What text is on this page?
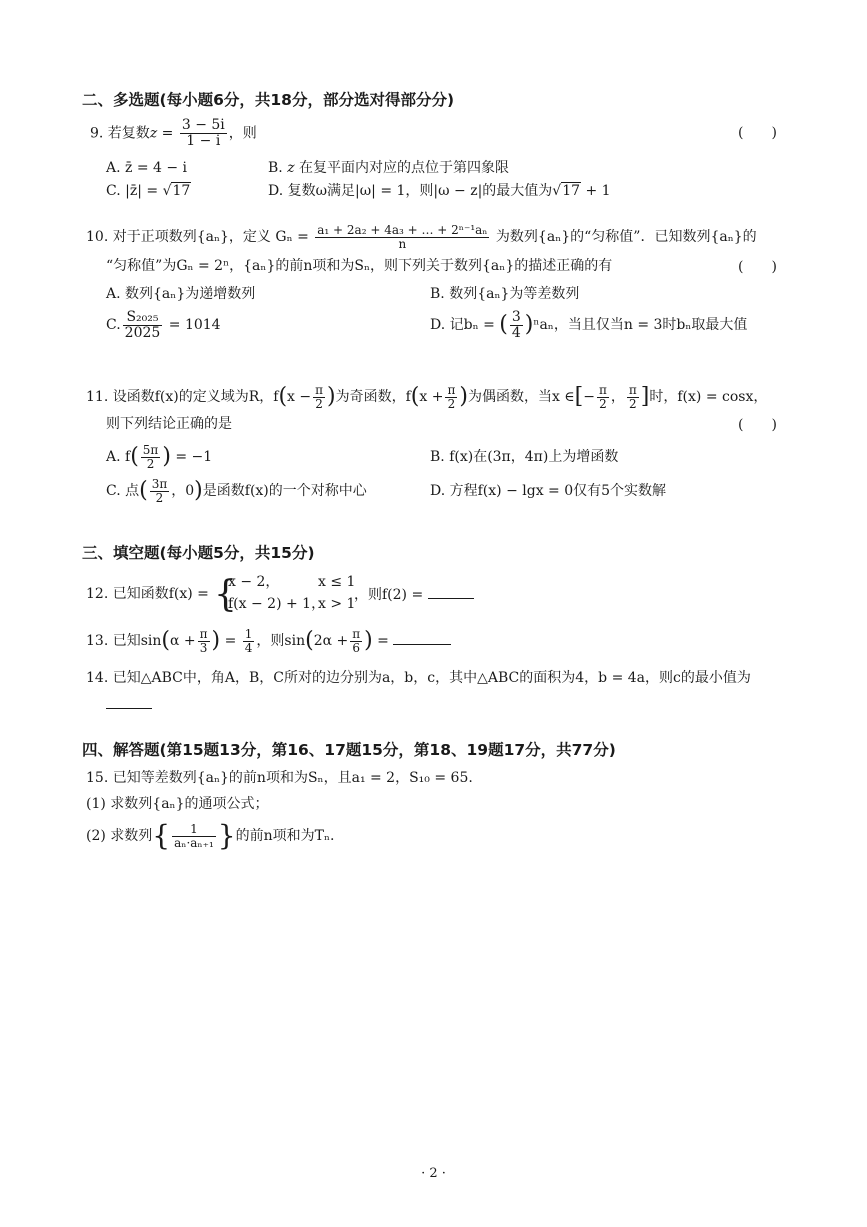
二、多选题(每小题6分，共18分，部分选对得部分分)
9. 若复数$z = \frac{3 - 5i}{1 - i}$ ，则	(　　)
A. z̄ = 4 − i	B. z 在复平面内对应的点位于第四象限
C. |z̄| = √17	D. 复数ω满足|ω| = 1，则|ω − z|的最大值为√17 + 1
10. 对于正项数列{aₙ}，定义 $G_n = \frac{\text{a₁ + 2a₂ + 4a₃ + … + 2ⁿ⁻¹aₙ}}{n}$ 为数列{aₙ}的“匀称值”．已知数列{aₙ}的
“匀称值”为Gₙ = 2ⁿ，{aₙ}的前n项和为Sₙ，则下列关于数列{aₙ}的描述正确的有	(　　)
A. 数列{aₙ}为递增数列	B. 数列{aₙ}为等差数列
C. $\frac{\text{S₂₀₂₅}}{2025} = 1014$	D. 记bₙ = ( $\frac{3}{4} )^na_n$，当且仅当n = 3时bₙ取最大值
11. 设函数f(x)的定义域为R，$f(x - \frac{\pi}{2}$ )为奇函数，$f(x + \frac{\pi}{2}$ )为偶函数，当x ∈[− $\frac{\pi}{2}$ ， $\frac{\pi}{2}$ ]时，f(x) = cosx，
则下列结论正确的是	(　　)
A. $f( \frac{5\pi}{2}$ ) = −1	B. f(x)在(3π，4π)上为增函数
C. 点( $\frac{3\pi}{2}$ ，0)是函数f(x)的一个对称中心	D. 方程f(x) − lgx = 0仅有5个实数解
三、填空题(每小题5分，共15分)
12. 已知函数f(x) = {
x − 2，	x ≤ 1
f(x − 2) + 1，
x > 1
，则f(2) =
13. 已知$\sin(\alpha + \frac{\pi}{3}$ ) = $\frac{1}{4}$ ，则$\sin(2\alpha + \frac{\pi}{6}$ ) =
14. 已知△ABC中，角A，B，C所对的边分别为a，b，c，其中△ABC的面积为4，b = 4a，则c的最小值为
四、解答题(第15题13分，第16、17题15分，第18、19题17分，共77分)
15. 已知等差数列{aₙ}的前n项和为Sₙ，且a₁ = 2，S₁₀ = 65.
(1) 求数列{aₙ}的通项公式；
(2) 求数列{ $\frac{1}{\text{aₙ·aₙ₊₁}}$ }的前n项和为Tₙ.
· 2 ·
